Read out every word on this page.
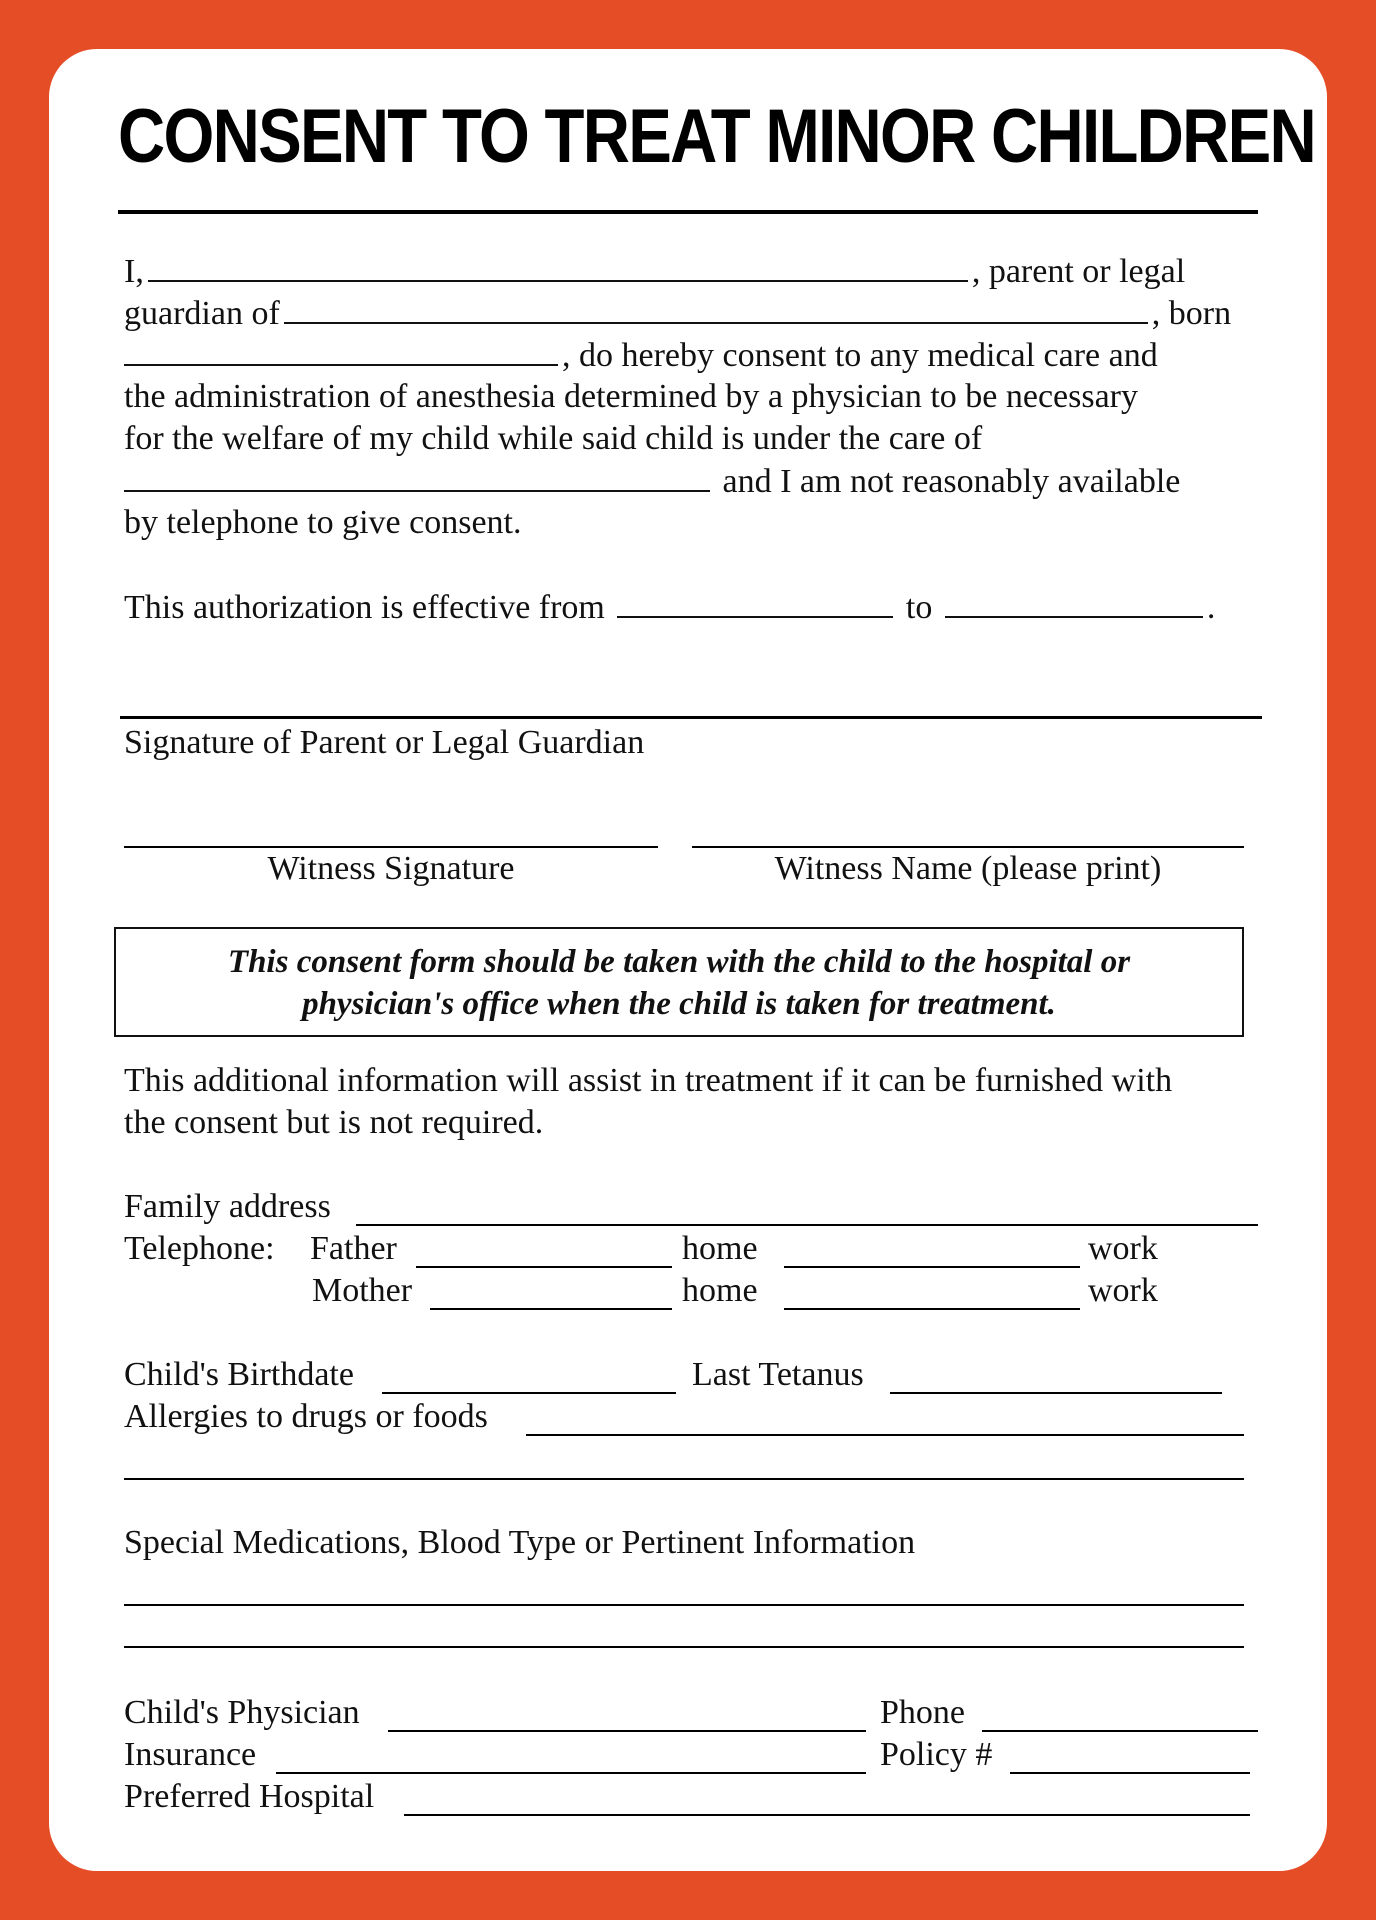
CONSENT TO TREAT MINOR CHILDREN
I,	, parent or legal
guardian of	, born
, do hereby consent to any medical care and
the administration of anesthesia determined by a physician to be necessary
for the welfare of my child while said child is under the care of
and I am not reasonably available
by telephone to give consent.
This authorization is effective from	to	.
Signature of Parent or Legal Guardian
Witness Signature	Witness Name (please print)
This consent form should be taken with the child to the hospital or
physician's office when the child is taken for treatment.
This additional information will assist in treatment if it can be furnished with
the consent but is not required.
Family address
Telephone: Father	home	work
Mother	home	work
Child's Birthdate	Last Tetanus
Allergies to drugs or foods
Special Medications, Blood Type or Pertinent Information
Child's Physician	Phone
Insurance	Policy #
Preferred Hospital
